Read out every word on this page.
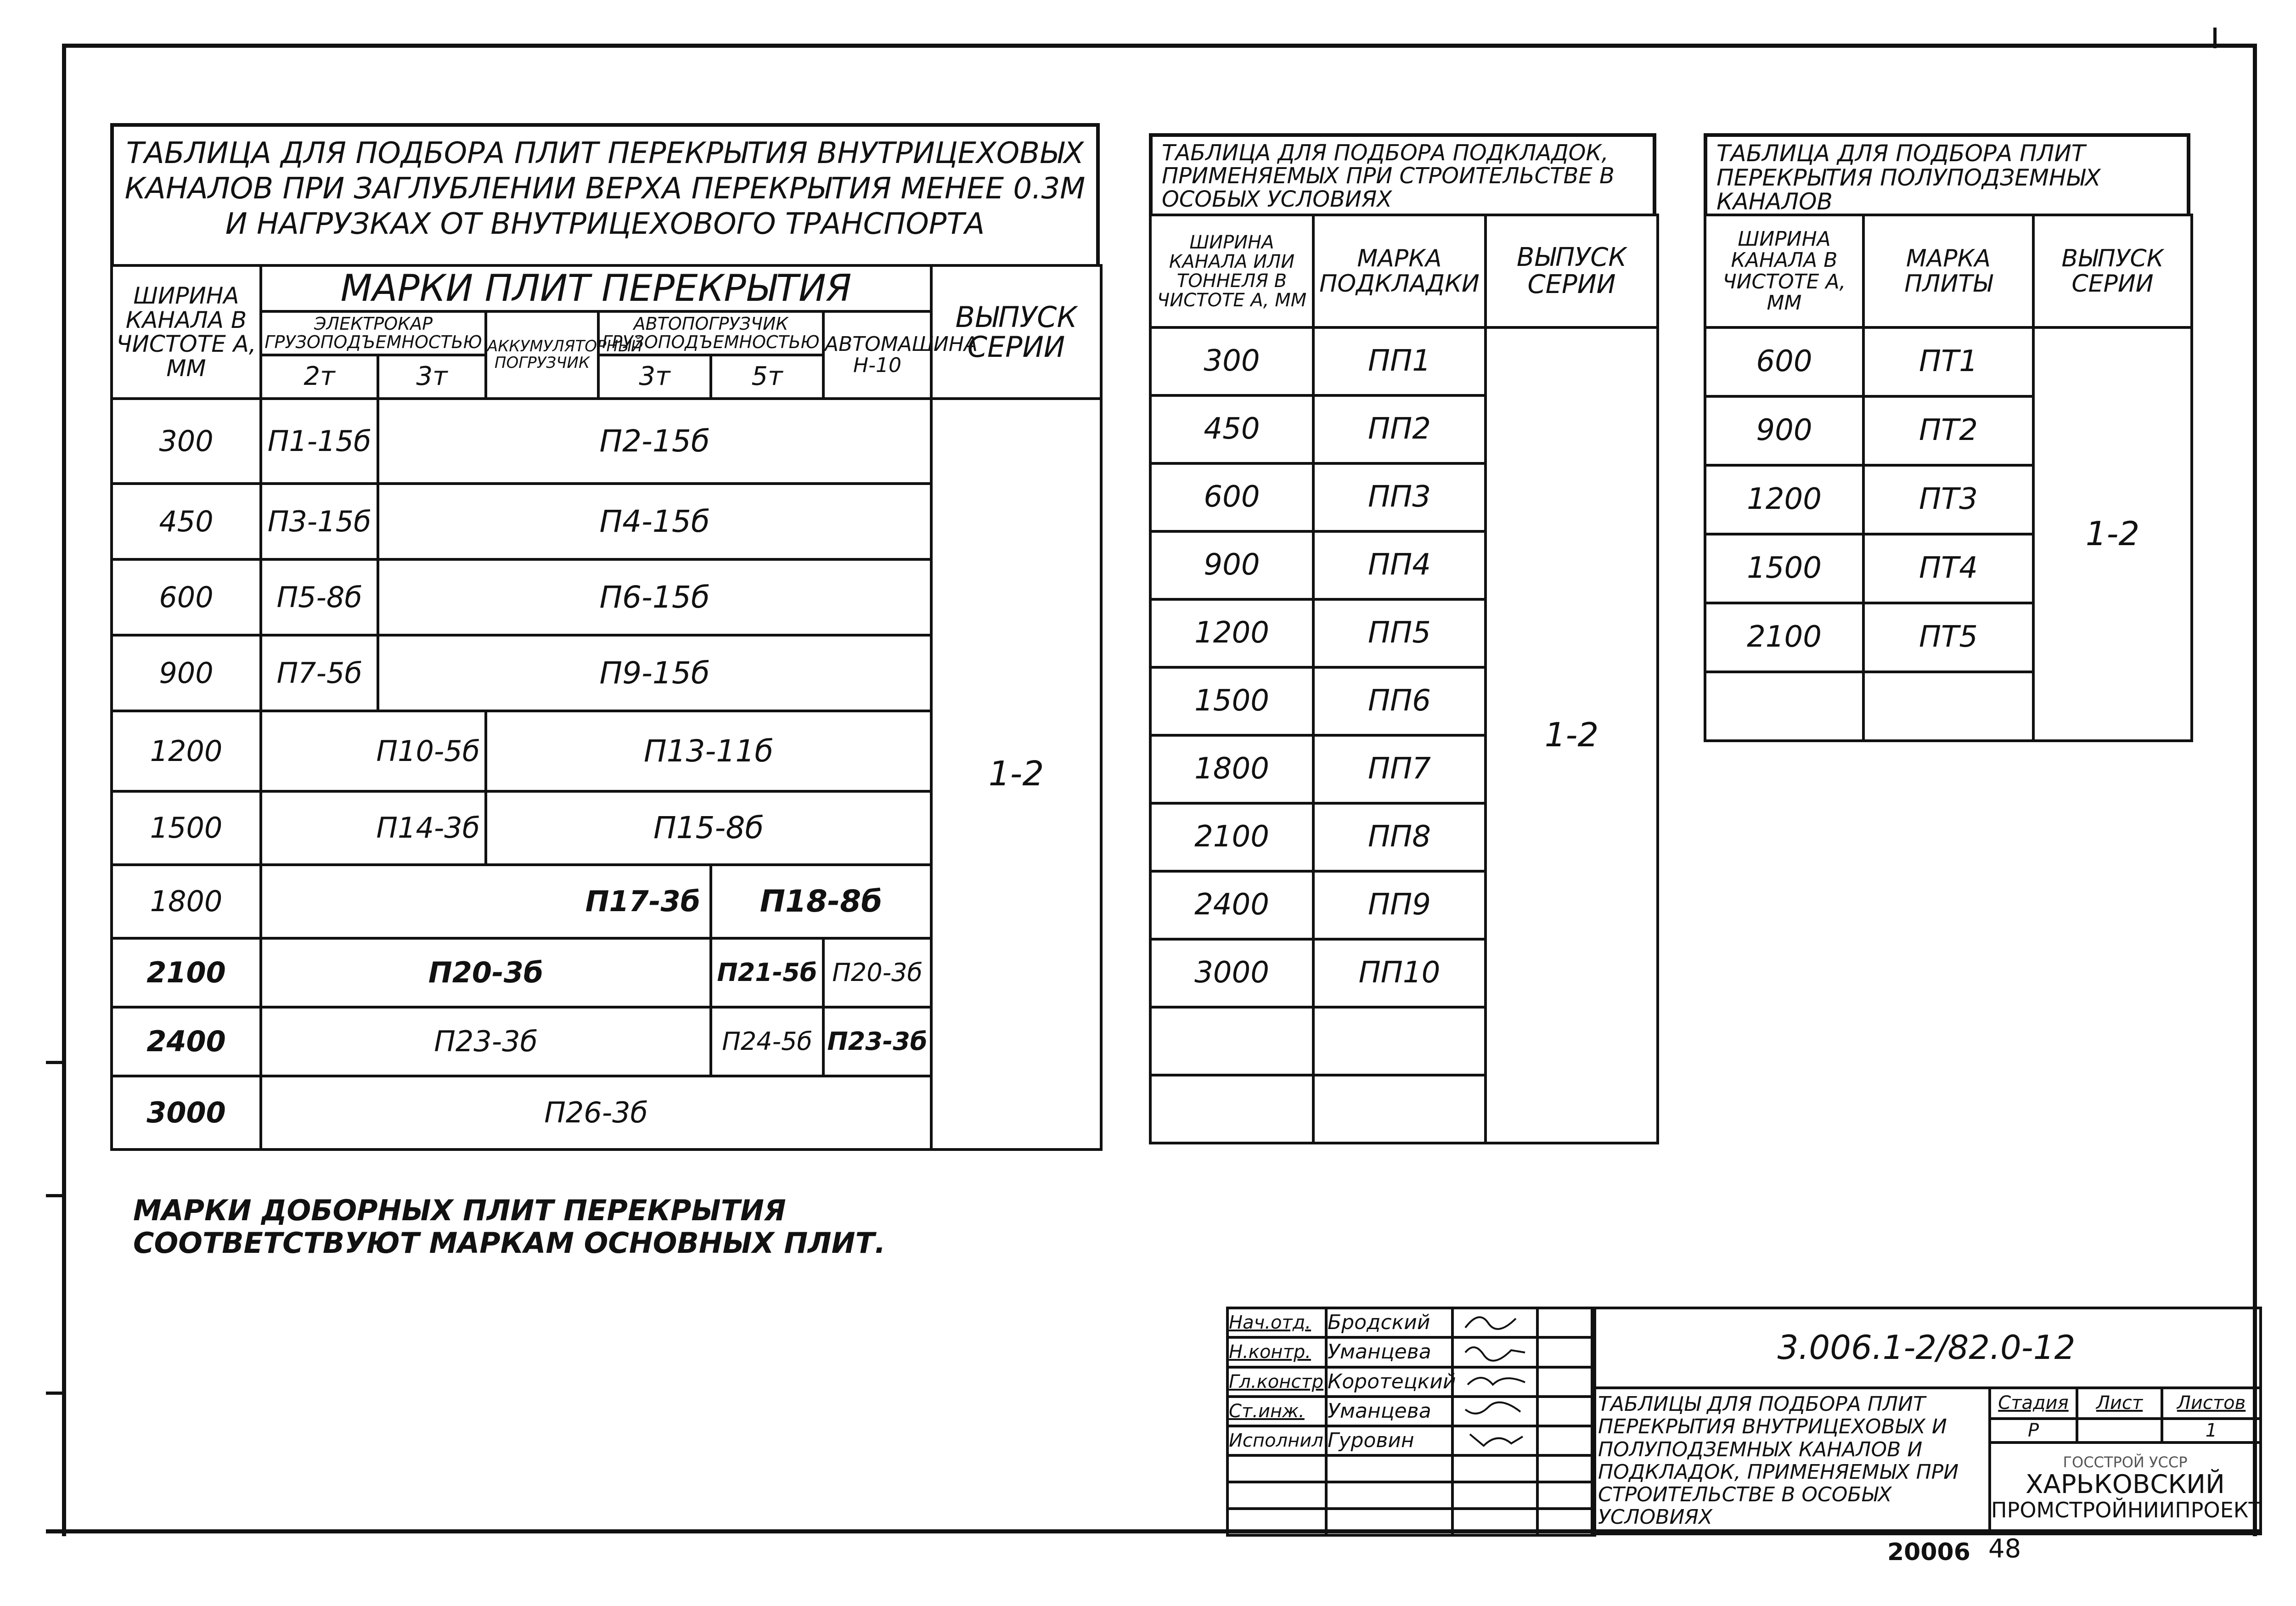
ТАБЛИЦА ДЛЯ ПОДБОРА ПЛИТ ПЕРЕКРЫТИЯ ВНУТРИЦЕХОВЫХ КАНАЛОВ ПРИ ЗАГЛУБЛЕНИИ ВЕРХА ПЕРЕКРЫТИЯ МЕНЕЕ 0.3М И НАГРУЗКАХ ОТ ВНУТРИЦЕХОВОГО ТРАНСПОРТА
ШИРИНА КАНАЛА В ЧИСТОТЕ А, ММ	МАРКИ ПЛИТ ПЕРЕКРЫТИЯ						ВЫПУСК СЕРИИ
	ЭЛЕКТРОКАР ГРУЗОПОДЪЕМНОСТЬЮ		АККУМУЛЯТОРНЫЙ ПОГРУЗЧИК	АВТОПОГРУЗЧИК ГРУЗОПОДЪЕМНОСТЬЮ		АВТОМАШИНА Н-10	
	2т	3т		3т	5т		
300	П1-15б	П2-15б					1-2
450	П3-15б	П4-15б					
600	П5-8б	П6-15б					
900	П7-5б	П9-15б					
1200	П10-5б		П13-11б				
1500	П14-3б		П15-8б				
1800	П17-3б				П18-8б		
2100	П20-3б				П21-5б	П20-3б	
2400	П23-3б				П24-5б	П23-3б	
3000	П26-3б						
МАРКИ ДОБОРНЫХ ПЛИТ ПЕРЕКРЫТИЯ СООТВЕТСТВУЮТ МАРКАМ ОСНОВНЫХ ПЛИТ.
ТАБЛИЦА ДЛЯ ПОДБОРА ПОДКЛАДОК, ПРИМЕНЯЕМЫХ ПРИ СТРОИТЕЛЬСТВЕ В ОСОБЫХ УСЛОВИЯХ
ШИРИНА КАНАЛА ИЛИ ТОННЕЛЯ В ЧИСТОТЕ А, ММ	МАРКА ПОДКЛАДКИ	ВЫПУСК СЕРИИ
300	ПП1	1-2
450	ПП2	
600	ПП3	
900	ПП4	
1200	ПП5	
1500	ПП6	
1800	ПП7	
2100	ПП8	
2400	ПП9	
3000	ПП10	

ТАБЛИЦА ДЛЯ ПОДБОРА ПЛИТ ПЕРЕКРЫТИЯ ПОЛУПОДЗЕМНЫХ КАНАЛОВ
ШИРИНА КАНАЛА В ЧИСТОТЕ А, ММ	МАРКА ПЛИТЫ	ВЫПУСК СЕРИИ
600	ПТ1	1-2
900	ПТ2	
1200	ПТ3	
1500	ПТ4	
2100	ПТ5	

Нач.отд.	Бродский		
Н.контр.	Уманцева		
Гл.констр	Коротецкий		
Ст.инж.	Уманцева		
Исполнил	Гуровин		

3.006.1-2/82.0-12			
ТАБЛИЦЫ ДЛЯ ПОДБОРА ПЛИТ ПЕРЕКРЫТИЯ ВНУТРИЦЕХОВЫХ И ПОЛУПОДЗЕМНЫХ КАНАЛОВ И ПОДКЛАДОК, ПРИМЕНЯЕМЫХ ПРИ СТРОИТЕЛЬСТВЕ В ОСОБЫХ УСЛОВИЯХ	Стадия	Лист	Листов
	Р		1

	ГОССТРОЙ УССР
ХАРЬКОВСКИЙ
ПРОМСТРОЙНИИПРОЕКТ		
20006 48
